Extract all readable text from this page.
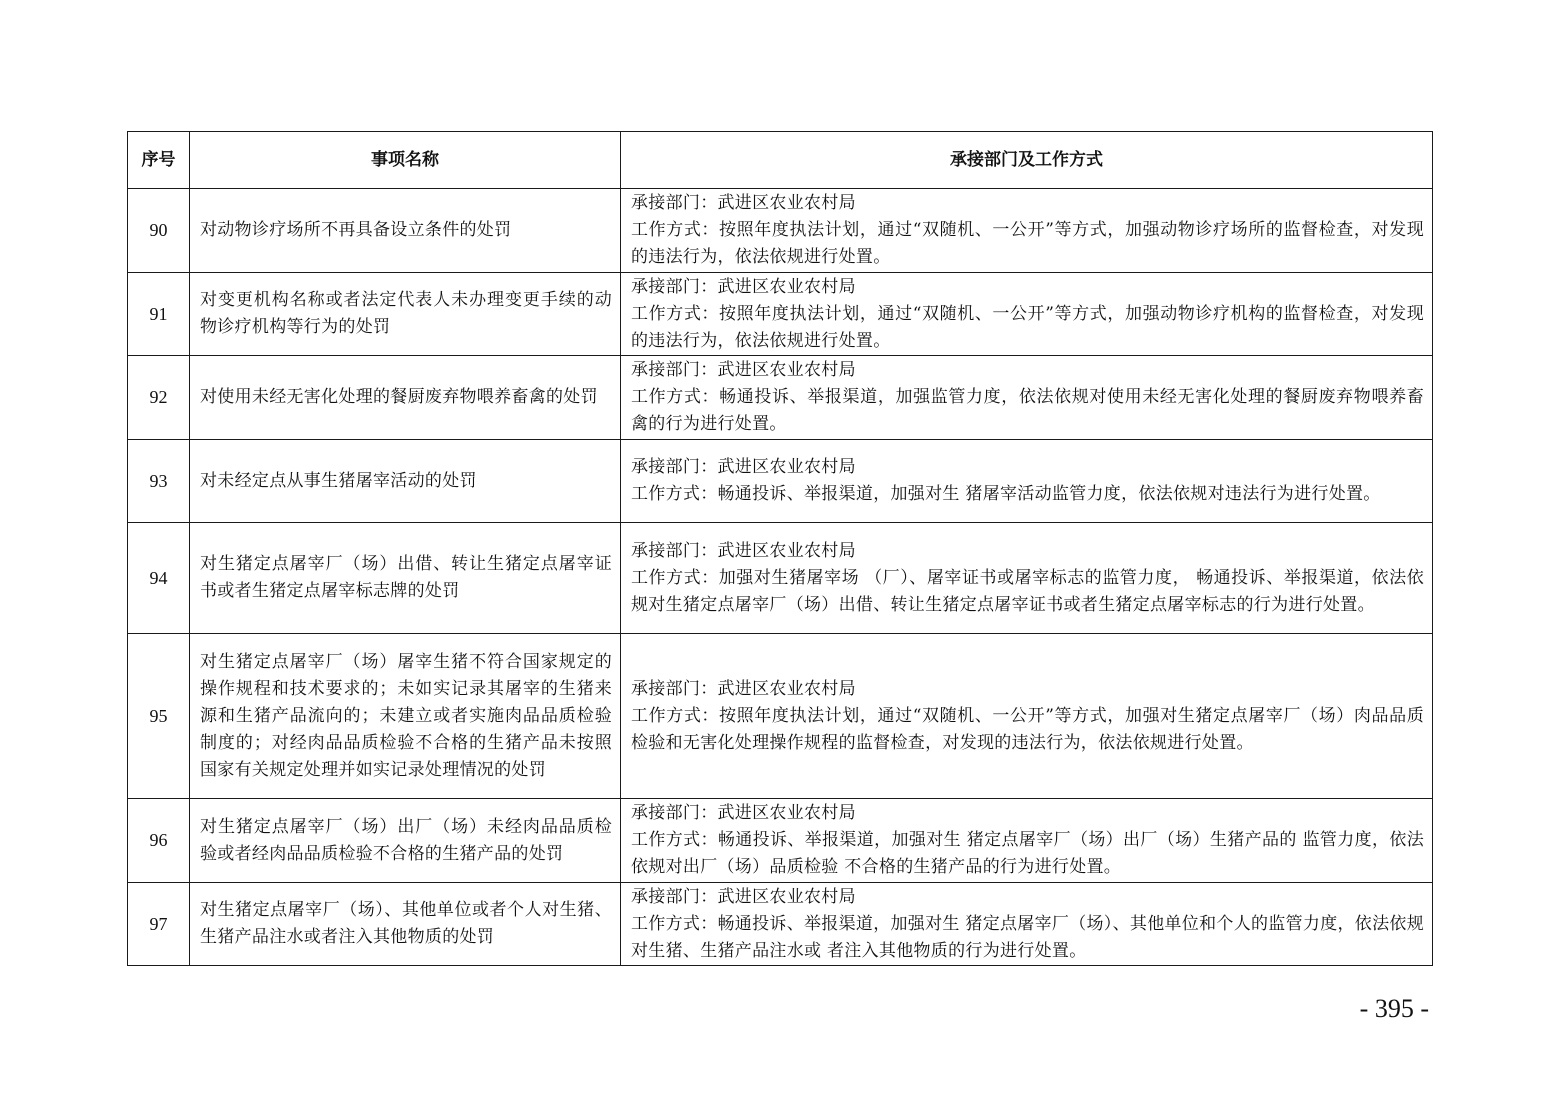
序号	事项名称	承接部门及工作方式
90	对动物诊疗场所不再具备设立条件的处罚	承接部门：武进区农业农村局
工作方式：按照年度执法计划，通过“双随机、一公开”等方式，加强动物诊疗场所的监督检查，对发现的违法行为，依法依规进行处置。

91	对变更机构名称或者法定代表人未办理变更手续的动物诊疗机构等行为的处罚	承接部门：武进区农业农村局
工作方式：按照年度执法计划，通过“双随机、一公开”等方式，加强动物诊疗机构的监督检查，对发现的违法行为，依法依规进行处置。

92	对使用未经无害化处理的餐厨废弃物喂养畜禽的处罚	承接部门：武进区农业农村局
工作方式：畅通投诉、举报渠道，加强监管力度，依法依规对使用未经无害化处理的餐厨废弃物喂养畜禽的行为进行处置。

93	对未经定点从事生猪屠宰活动的处罚	承接部门：武进区农业农村局
工作方式：畅通投诉、举报渠道，加强对生 猪屠宰活动监管力度，依法依规对违法行为进行处置。

94	对生猪定点屠宰厂（场）出借、转让生猪定点屠宰证书或者生猪定点屠宰标志牌的处罚	承接部门：武进区农业农村局
工作方式：加强对生猪屠宰场 （厂）、屠宰证书或屠宰标志的监管力度， 畅通投诉、举报渠道，依法依规对生猪定点屠宰厂（场）出借、转让生猪定点屠宰证书或者生猪定点屠宰标志的行为进行处置。

95	对生猪定点屠宰厂（场）屠宰生猪不符合国家规定的操作规程和技术要求的；未如实记录其屠宰的生猪来源和生猪产品流向的；未建立或者实施肉品品质检验制度的；对经肉品品质检验不合格的生猪产品未按照国家有关规定处理并如实记录处理情况的处罚	承接部门：武进区农业农村局
工作方式：按照年度执法计划，通过“双随机、一公开”等方式，加强对生猪定点屠宰厂（场）肉品品质检验和无害化处理操作规程的监督检查，对发现的违法行为，依法依规进行处置。

96	对生猪定点屠宰厂（场）出厂（场）未经肉品品质检验或者经肉品品质检验不合格的生猪产品的处罚	承接部门：武进区农业农村局
工作方式：畅通投诉、举报渠道，加强对生 猪定点屠宰厂（场）出厂（场）生猪产品的 监管力度，依法依规对出厂（场）品质检验 不合格的生猪产品的行为进行处置。

97	对生猪定点屠宰厂（场）、其他单位或者个人对生猪、生猪产品注水或者注入其他物质的处罚	承接部门：武进区农业农村局
工作方式：畅通投诉、举报渠道，加强对生 猪定点屠宰厂（场）、其他单位和个人的监管力度，依法依规对生猪、生猪产品注水或 者注入其他物质的行为进行处置。
- 395 -
